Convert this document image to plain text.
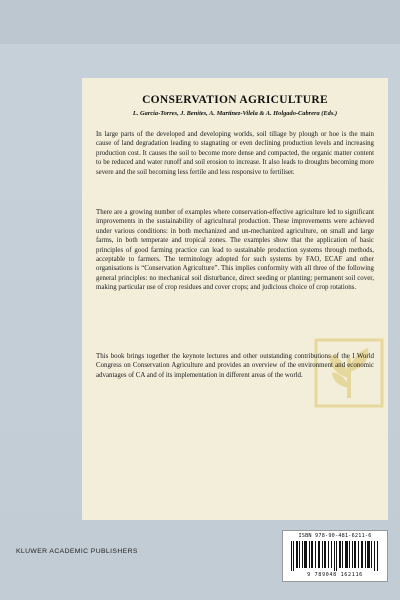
CONSERVATION AGRICULTURE
L. Garcia-Torres, J. Benites, A. Martinez-Vilela & A. Holgado-Cabrera (Eds.)

In large parts of the developed and developing worlds, soil tillage by plough or hoe is the main cause of land degradation leading to stagnating or even declining production levels and increasing production cost. It causes the soil to become more dense and compacted, the organic matter content to be reduced and water runoff and soil erosion to increase. It also leads to droughts becoming more severe and the soil becoming less fertile and less responsive to fertiliser.

There are a growing number of examples where conservation-effective agriculture led to significant improvements in the sustainability of agricultural production. These improvements were achieved under various conditions: in both mechanized and un-mechanized agriculture, on small and large farms, in both temperate and tropical zones. The examples show that the application of basic principles of good farming practice can lead to sustainable production systems through methods, acceptable to farmers. The terminology adopted for such systems by FAO, ECAF and other organisations is “Conservation Agriculture”. This implies conformity with all three of the following general principles: no mechanical soil disturbance, direct seeding or planting; permanent soil cover, making particular use of crop residues and cover crops; and judicious choice of crop rotations.

This book brings together the keynote lectures and other outstanding contributions of the I World Congress on Conservation Agriculture and provides an overview of the environment and economic advantages of CA and of its implementation in different areas of the world.

KLUWER ACADEMIC PUBLISHERS
ISBN 978-90-481-6211-6
9 789048 162116
